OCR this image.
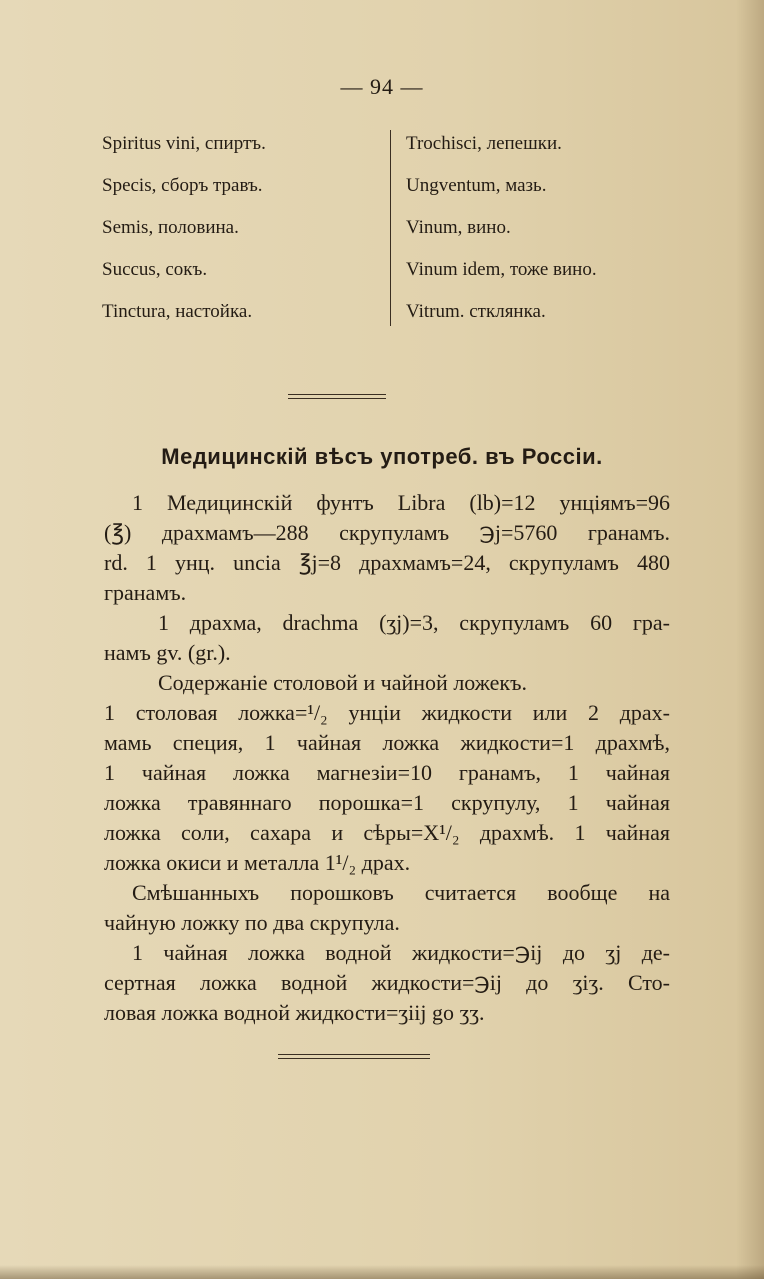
— 94 —
Spiritus vini, спиртъ.
Specis, сборъ травъ.
Semis, половина.
Succus, сокъ.
Tinctura, настойка.
Trochisci, лепешки.
Ungventum, мазь.
Vinum, вино.
Vinum idem, тоже вино.
Vitrum. стклянка.
Медицинскій вѣсъ употреб. въ Россіи.
1 Медицинскій фунтъ Libra (lb)=12 унціямъ=96
(℥) драхмамъ—288 скрупуламъ ℈j=5760 гранамъ.
rd. 1 унц. uncia ℥j=8 драхмамъ=24, скрупуламъ 480
гранамъ.
1 драхма, drachma (ʒj)=3, скрупуламъ 60 гра-
намъ gv. (gr.).
Содержаніе столовой и чайной ложекъ.
1 столовая ложка=¹/₂ унціи жидкости или 2 драх-
мамь специя, 1 чайная ложка жидкости=1 драхмѣ,
1 чайная ложка магнезіи=10 гранамъ, 1 чайная
ложка травяннаго порошка=1 скрупулу, 1 чайная
ложка соли, сахара и сѣры=X¹/₂ драхмѣ. 1 чайная
ложка окиси и металла 1¹/₂ драх.
Смѣшанныхъ порошковъ считается вообще на
чайную ложку по два скрупула.
1 чайная ложка водной жидкости=℈ij до ʒj де-
сертная ложка водной жидкости=℈ij до ʒiʒ. Сто-
ловая ложка водной жидкости=ʒiij go ʒʒ.
